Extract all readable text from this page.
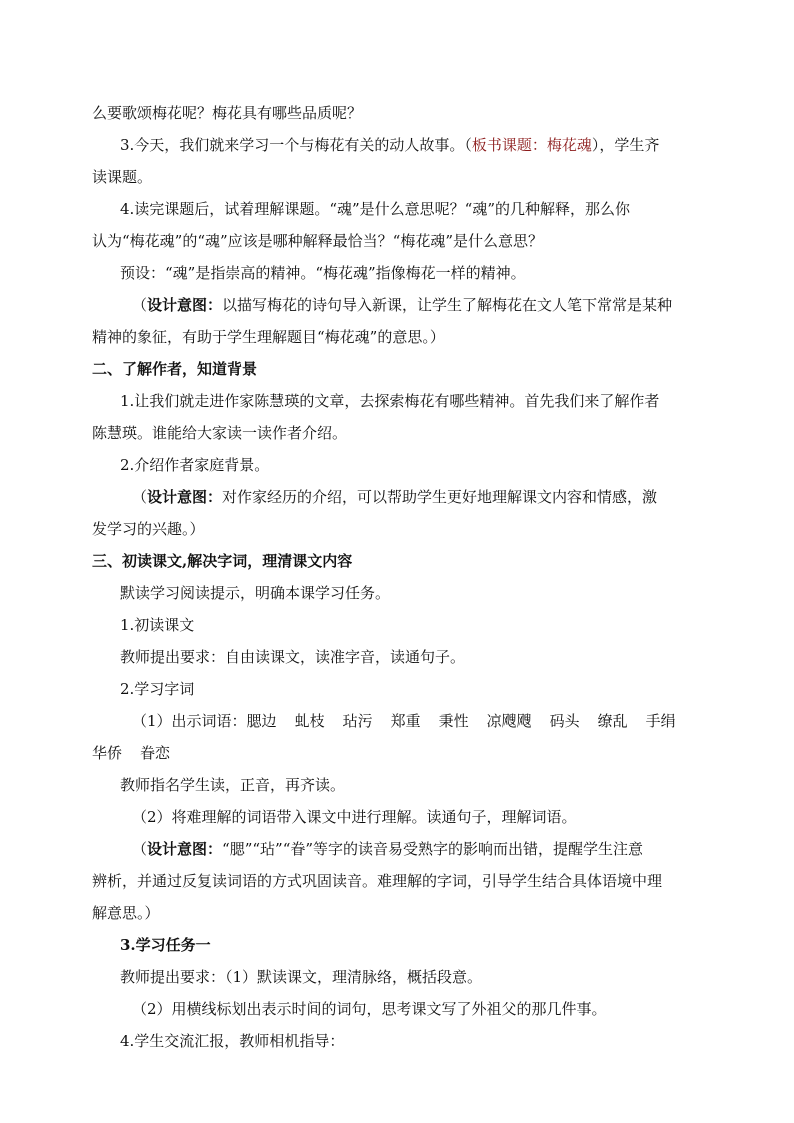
么要歌颂梅花呢？梅花具有哪些品质呢？
3.今天，我们就来学习一个与梅花有关的动人故事。（板书课题：梅花魂），学生齐
读课题。
4.读完课题后，试着理解课题。“魂”是什么意思呢？“魂”的几种解释，那么你
认为“梅花魂”的“魂”应该是哪种解释最恰当？“梅花魂”是什么意思？
预设：“魂”是指崇高的精神。“梅花魂”指像梅花一样的精神。
（设计意图：以描写梅花的诗句导入新课，让学生了解梅花在文人笔下常常是某种
精神的象征，有助于学生理解题目“梅花魂”的意思。）
二、了解作者，知道背景
1.让我们就走进作家陈慧瑛的文章，去探索梅花有哪些精神。首先我们来了解作者
陈慧瑛。谁能给大家读一读作者介绍。
2.介绍作者家庭背景。
（设计意图：对作家经历的介绍，可以帮助学生更好地理解课文内容和情感，激
发学习的兴趣。）
三、初读课文,解决字词，理清课文内容
默读学习阅读提示，明确本课学习任务。
1.初读课文
教师提出要求：自由读课文，读准字音，读通句子。
2.学习字词
（1）出示词语：腮边 虬枝 玷污 郑重 秉性 凉飕飕 码头 缭乱 手绢
华侨 眷恋
教师指名学生读，正音，再齐读。
（2）将难理解的词语带入课文中进行理解。读通句子，理解词语。
（设计意图：“腮”“玷”“眷”等字的读音易受熟字的影响而出错，提醒学生注意
辨析，并通过反复读词语的方式巩固读音。难理解的字词，引导学生结合具体语境中理
解意思。）
3.学习任务一
教师提出要求：（1）默读课文，理清脉络，概括段意。
（2）用横线标划出表示时间的词句，思考课文写了外祖父的那几件事。
4.学生交流汇报，教师相机指导：
